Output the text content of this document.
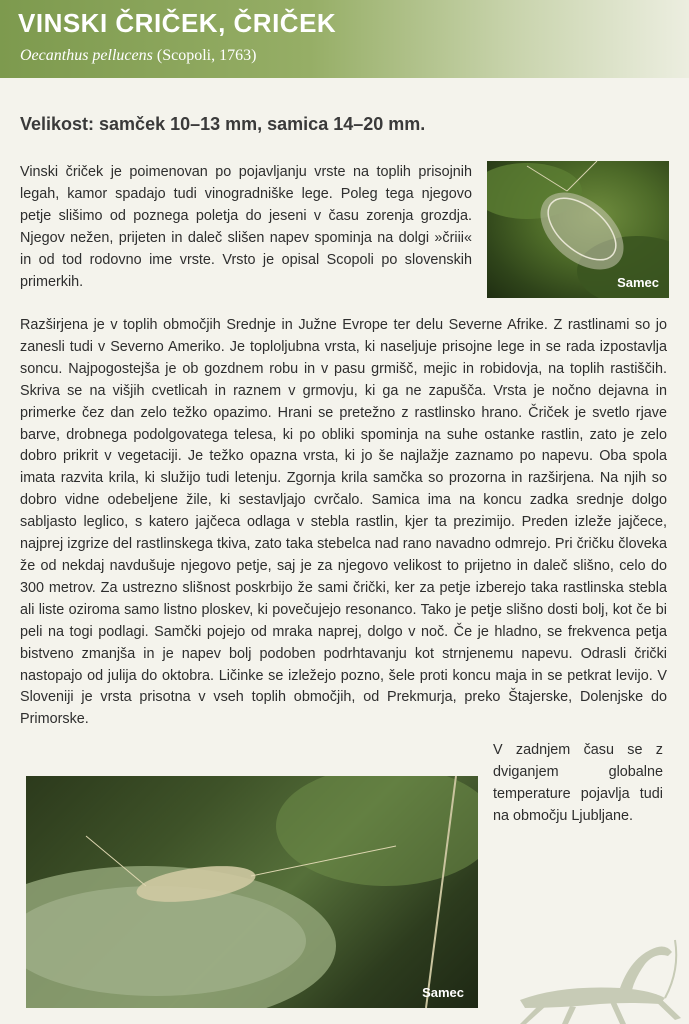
VINSKI ČRIČEK, ČRIČEK
Oecanthus pellucens (Scopoli, 1763)
Velikost: samček 10–13 mm, samica 14–20 mm.
Vinski čriček je poimenovan po pojavljanju vrste na toplih prisojnih legah, kamor spadajo tudi vinogradniške lege. Poleg tega njegovo petje slišimo od poznega poletja do jeseni v času zorenja grozdja. Njegov nežen, prijeten in daleč slišen napev spominja na dolgi »čriii« in od tod rodovno ime vrste. Vrsto je opisal Scopoli po slovenskih primerkih.	Samec
Razširjena je v toplih območjih Srednje in Južne Evrope ter delu Severne Afrike. Z rastlinami so jo zanesli tudi v Severno Ameriko. Je toploljubna vrsta, ki naseljuje prisojne lege in se rada izpostavlja soncu. Najpogostejša je ob gozdnem robu in v pasu grmišč, mejic in robidovja, na toplih rastiščih. Skriva se na višjih cvetlicah in raznem v grmovju, ki ga ne zapušča. Vrsta je nočno dejavna in primerke čez dan zelo težko opazimo. Hrani se pretežno z rastlinsko hrano. Čriček je svetlo rjave barve, drobnega podolgovatega telesa, ki po obliki spominja na suhe ostanke rastlin, zato je zelo dobro prikrit v vegetaciji. Je težko opazna vrsta, ki jo še najlažje zaznamo po napevu. Oba spola imata razvita krila, ki služijo tudi letenju. Zgornja krila samčka so prozorna in razširjena. Na njih so dobro vidne odebeljene žile, ki sestavljajo cvrčalo. Samica ima na koncu zadka srednje dolgo sabljasto leglico, s katero jajčeca odlaga v stebla rastlin, kjer ta prezimijo. Preden izleže jajčece, najprej izgrize del rastlinskega tkiva, zato taka stebelca nad rano navadno odmrejo. Pri čričku človeka že od nekdaj navdušuje njegovo petje, saj je za njegovo velikost to prijetno in daleč slišno, celo do 300 metrov. Za ustrezno slišnost poskrbijo že sami črički, ker za petje izberejo taka rastlinska stebla ali liste oziroma samo listno ploskev, ki povečujejo resonanco. Tako je petje slišno dosti bolj, kot če bi peli na togi podlagi. Samčki pojejo od mraka naprej, dolgo v noč. Če je hladno, se frekvenca petja bistveno zmanjša in je napev bolj podoben podrhtavanju kot strnjenemu napevu. Odrasli črički nastopajo od julija do oktobra. Ličinke se izležejo pozno, šele proti koncu maja in se petkrat levijo. V Sloveniji je vrsta prisotna v vseh toplih območjih, od Prekmurja, preko Štajerske, Dolenjske do Primorske.
V zadnjem času se z dviganjem globalne temperature pojavlja tudi na območju Ljubljane.
Samec
